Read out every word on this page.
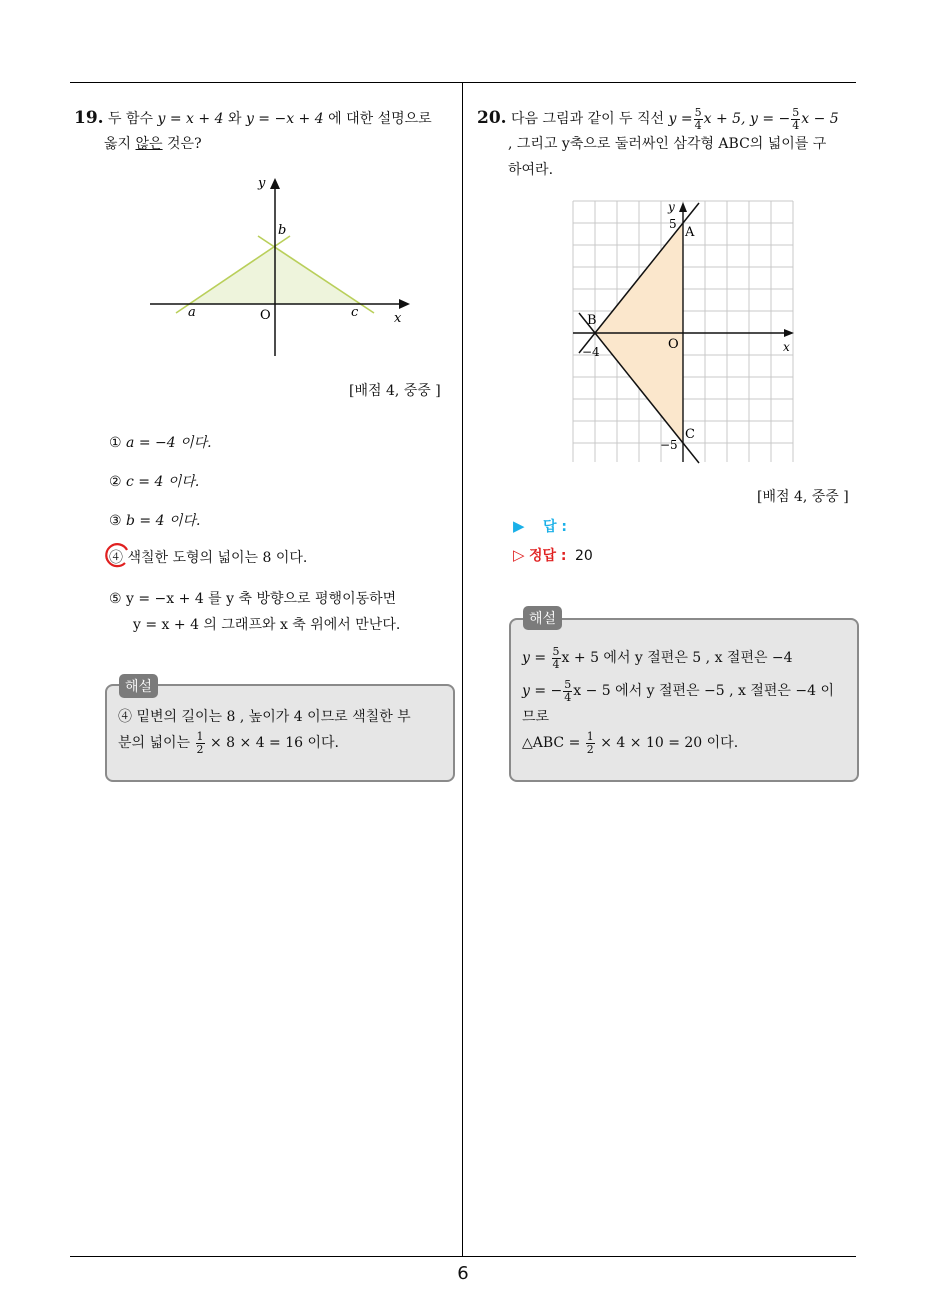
6
19. 두 함수 y = x + 4 와 y = −x + 4 에 대한 설명으로
옳지 않은 것은?
y
x
O
a
b
c
[배점 4, 중중 ]
① a = −4 이다.
② c = 4 이다.
③ b = 4 이다.
④ 색칠한 도형의 넓이는 8 이다.
⑤ y = −x + 4 를 y 축 방향으로 평행이동하면
y = x + 4 의 그래프와 x 축 위에서 만난다.
해설
④ 밑변의 길이는 8 , 높이가 4 이므로 색칠한 부
분의 넓이는 $\frac{1}{2} \times 8 \times 4 = 16$ 이다.
20. 다음 그림과 같이 두 직선 $y = \frac{5}{4}$ x + 5, y = − $\frac{5}{4}$ x − 5
, 그리고 y축으로 둘러싸인 삼각형 ABC의 넓이를 구
하여라.
y
x
O
A
B
C
5
−5
−4
[배점 4, 중중 ]
▶ 답 :
▷ 정답 : 20
해설
$y = \frac{5}{4}$ x + 5 에서 y 절편은 5 , x 절편은 −4
y = − $\frac{5}{4}$ x − 5 에서 y 절편은 −5 , x 절편은 −4 이
므로
△ABC = $\frac{1}{2} \times 4 \times 10 = 20$ 이다.
